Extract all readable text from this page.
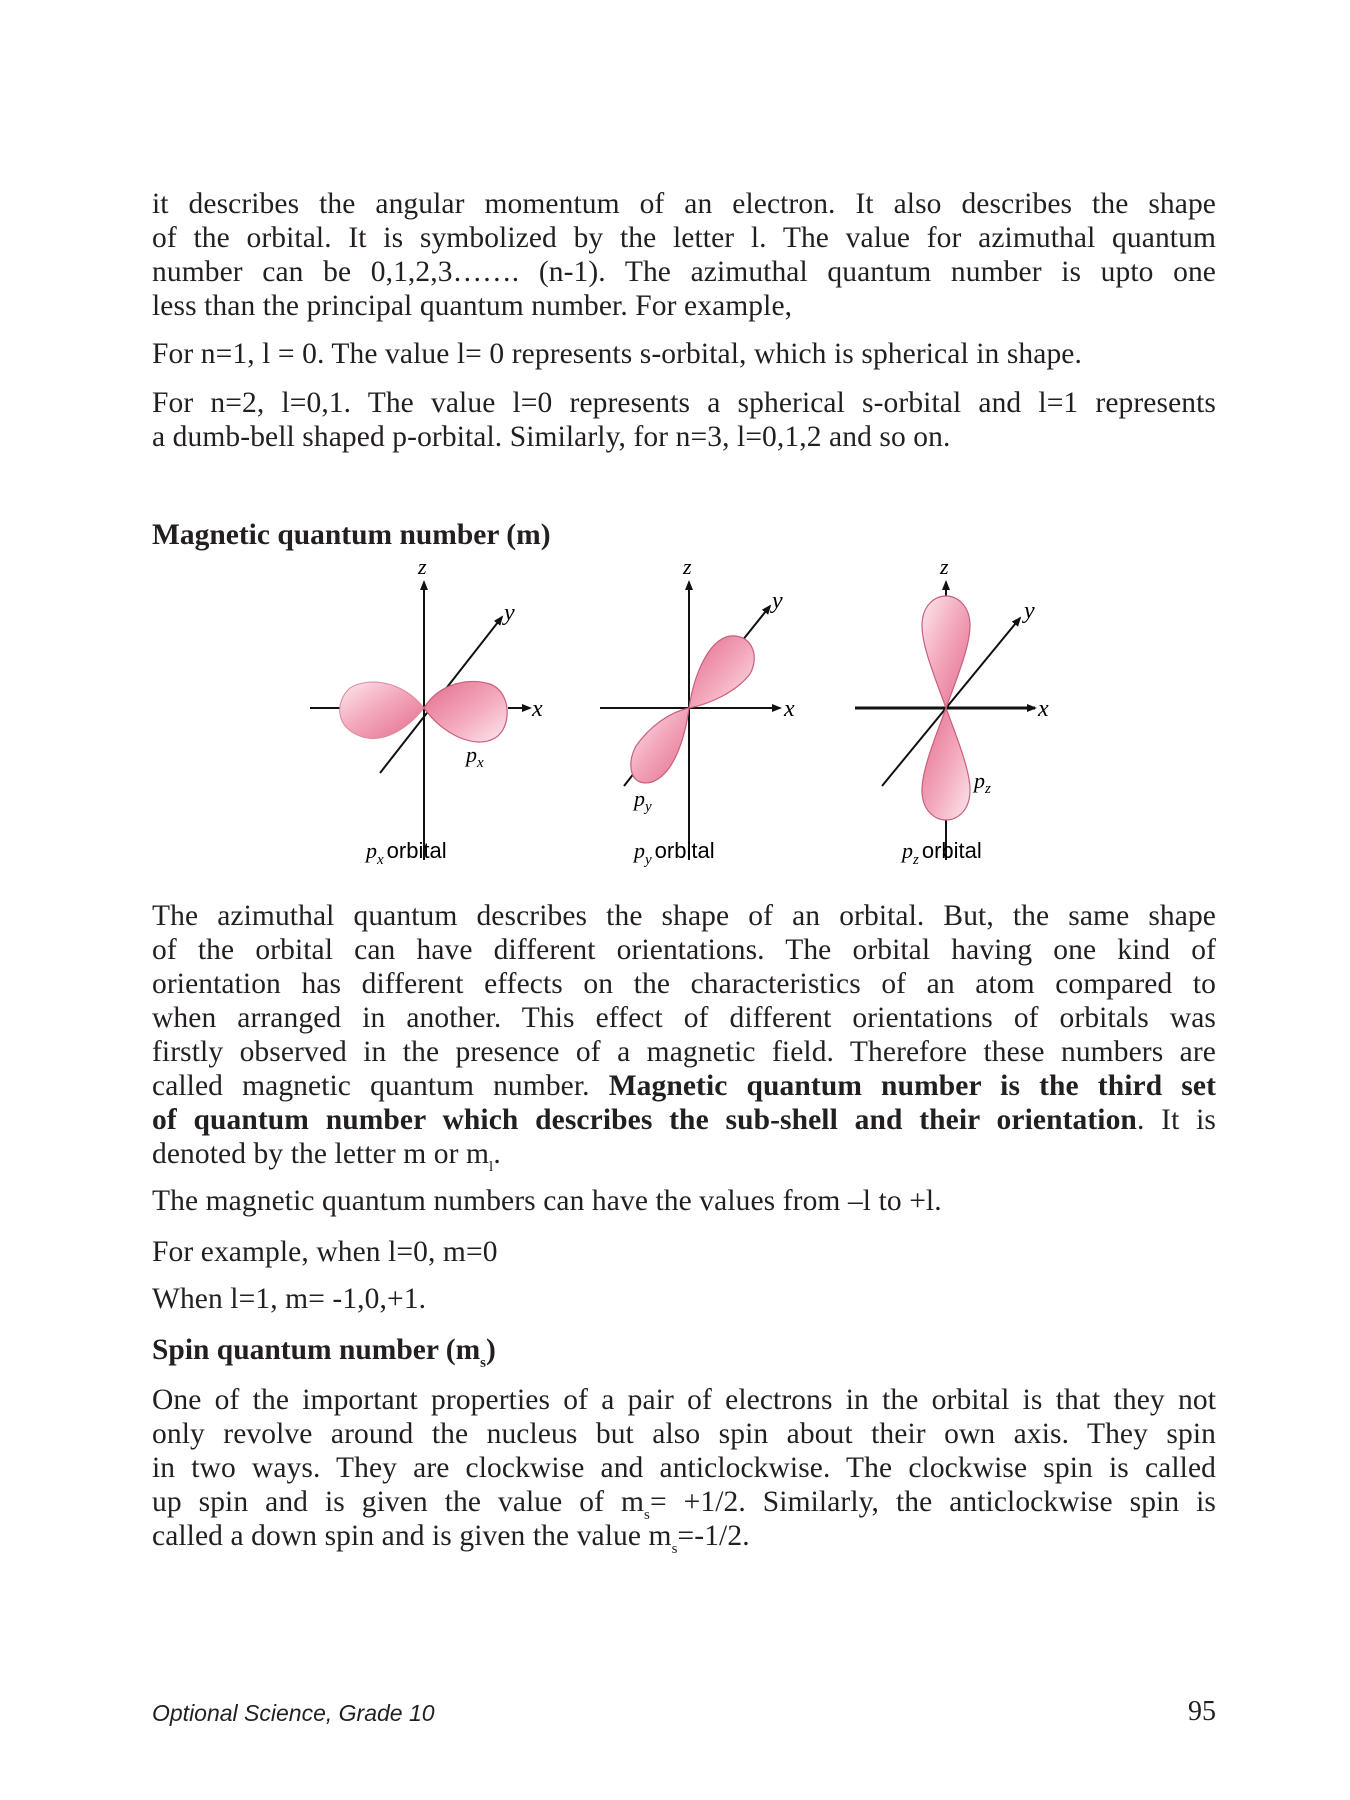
it describes the angular momentum of an electron. It also describes the shape
of the orbital. It is symbolized by the letter l. The value for azimuthal quantum
number can be 0,1,2,3……. (n-1). The azimuthal quantum number is upto one
less than the principal quantum number. For example,
For n=1, l = 0. The value l= 0 represents s-orbital, which is spherical in shape.
For n=2, l=0,1. The value l=0 represents a spherical s-orbital and l=1 represents
a dumb-bell shaped p-orbital. Similarly, for n=3, l=0,1,2 and so on.
Magnetic quantum number (m)
x
y
z
$p_x$
$p_x$ orbital
x
y
z
$p_y$
$p_y$ orbital
x
y
z
$p_z$
$p_z$ orbital
The azimuthal quantum describes the shape of an orbital. But, the same shape
of the orbital can have different orientations. The orbital having one kind of
orientation has different effects on the characteristics of an atom compared to
when arranged in another. This effect of different orientations of orbitals was
firstly observed in the presence of a magnetic field. Therefore these numbers are
called magnetic quantum number. Magnetic quantum number is the third set
of quantum number which describes the sub-shell and their orientation. It is
denoted by the letter m or $m_l$.
The magnetic quantum numbers can have the values from –l to +l.
For example, when l=0, m=0
When l=1, m= -1,0,+1.
Spin quantum number $(m_s)$
One of the important properties of a pair of electrons in the orbital is that they not
only revolve around the nucleus but also spin about their own axis. They spin
in two ways. They are clockwise and anticlockwise. The clockwise spin is called
up spin and is given the value of $m_s= +1/2$. Similarly, the anticlockwise spin is
called a down spin and is given the value $m_s=-1/2$.
Optional Science, Grade 10	95
